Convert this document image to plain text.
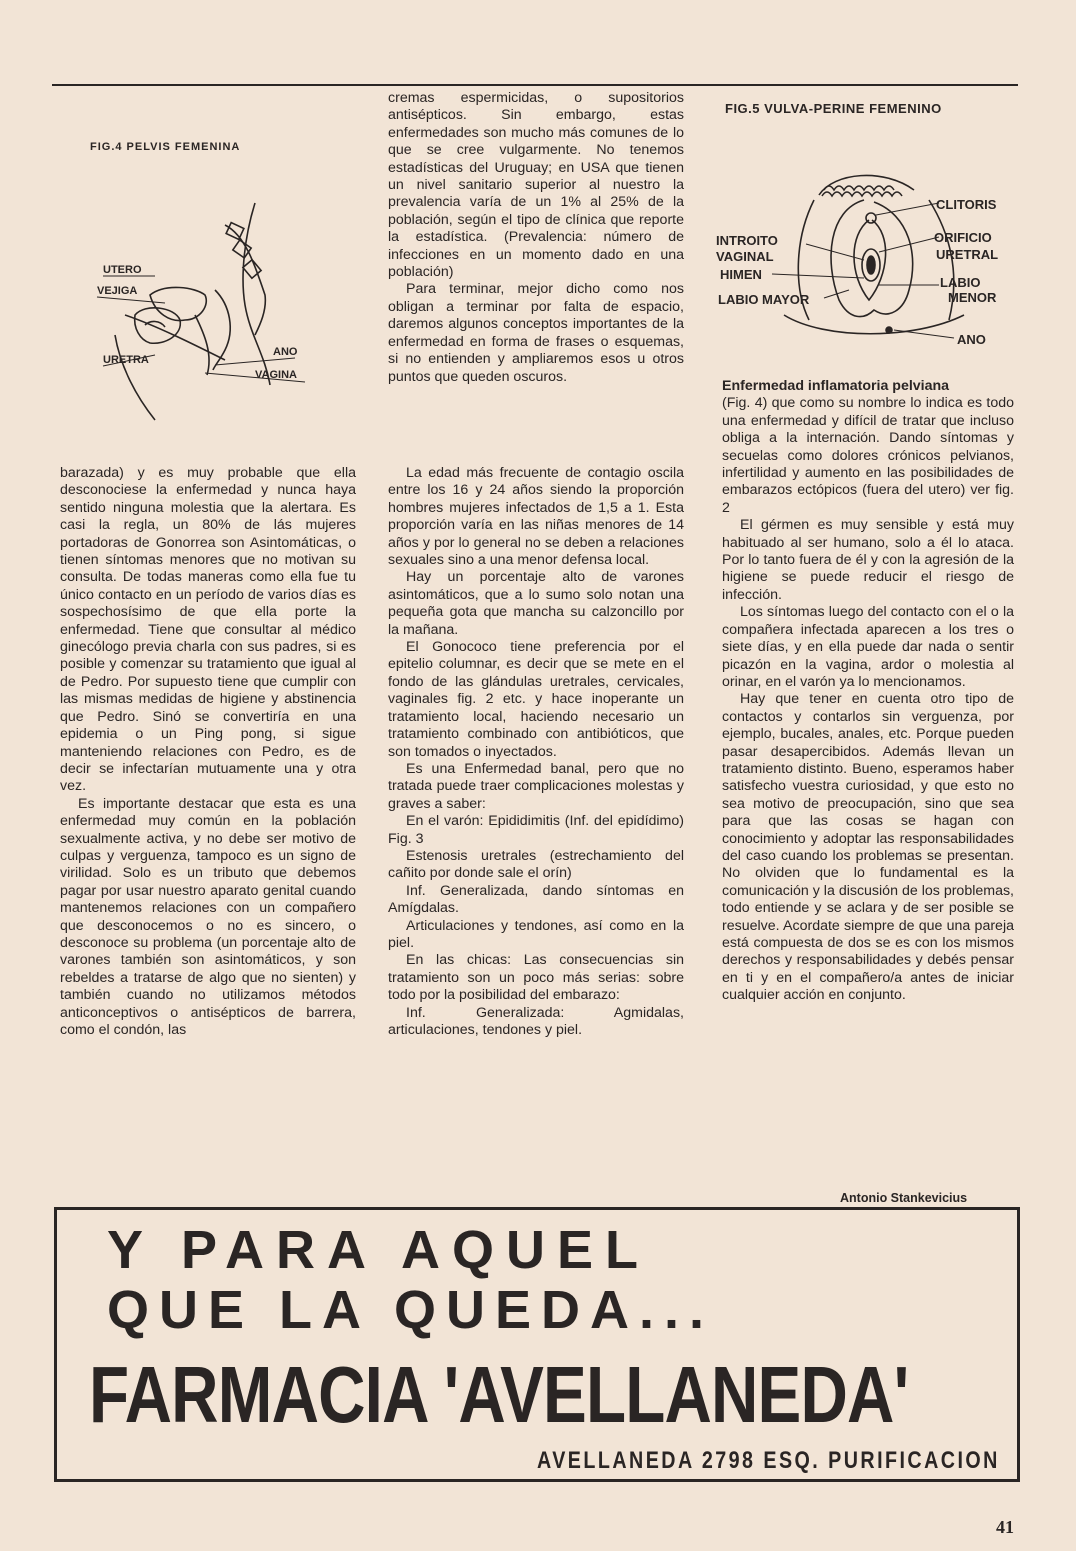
FIG.4 PELVIS FEMENINA
UTERO
VEJIGA
URETRA
ANO
VAGINA

barazada) y es muy probable que ella desconociese la enfermedad y nunca haya sentido ninguna molestia que la alertara. Es casi la regla, un 80% de lás mujeres portadoras de Gonorrea son Asintomáticas, o tienen síntomas menores que no motivan su consulta. De todas maneras como ella fue tu único contacto en un período de varios días es sospechosísimo de que ella porte la enfermedad. Tiene que consultar al médico ginecólogo previa charla con sus padres, si es posible y comenzar su tratamiento que igual al de Pedro. Por supuesto tiene que cumplir con las mismas medidas de higiene y abstinencia que Pedro. Sinó se convertiría en una epidemia o un Ping pong, si sigue manteniendo relaciones con Pedro, es de decir se infectarían mutuamente una y otra vez.

Es importante destacar que esta es una enfermedad muy común en la población sexualmente activa, y no debe ser motivo de culpas y verguenza, tampoco es un signo de virilidad. Solo es un tributo que debemos pagar por usar nuestro aparato genital cuando mantenemos relaciones con un compañero que desconocemos o no es sincero, o desconoce su problema (un porcentaje alto de varones también son asintomáticos, y son rebeldes a tratarse de algo que no sienten) y también cuando no utilizamos métodos anticonceptivos o antisépticos de barrera, como el condón, las

cremas espermicidas, o supositorios antisépticos. Sin embargo, estas enfermedades son mucho más comunes de lo que se cree vulgarmente. No tenemos estadísticas del Uruguay; en USA que tienen un nivel sanitario superior al nuestro la prevalencia varía de un 1% al 25% de la población, según el tipo de clínica que reporte la estadística. (Prevalencia: número de infecciones en un momento dado en una población)

Para terminar, mejor dicho como nos obligan a terminar por falta de espacio, daremos algunos conceptos importantes de la enfermedad en forma de frases o esquemas, si no entienden y ampliaremos esos u otros puntos que queden oscuros.

La edad más frecuente de contagio oscila entre los 16 y 24 años siendo la proporción hombres mujeres infectados de 1,5 a 1. Esta proporción varía en las niñas menores de 14 años y por lo general no se deben a relaciones sexuales sino a una menor defensa local.

Hay un porcentaje alto de varones asintomáticos, que a lo sumo solo notan una pequeña gota que mancha su calzoncillo por la mañana.

El Gonococo tiene preferencia por el epitelio columnar, es decir que se mete en el fondo de las glándulas uretrales, cervicales, vaginales fig. 2 etc. y hace inoperante un tratamiento local, haciendo necesario un tratamiento combinado con antibióticos, que son tomados o inyectados.

Es una Enfermedad banal, pero que no tratada puede traer complicaciones molestas y graves a saber:

En el varón: Epididimitis (Inf. del epidídimo) Fig. 3

Estenosis uretrales (estrechamiento del cañito por donde sale el orín)

Inf. Generalizada, dando síntomas en Amígdalas.

Articulaciones y tendones, así como en la piel.

En las chicas: Las consecuencias sin tratamiento son un poco más serias: sobre todo por la posibilidad del embarazo:

Inf. Generalizada: Agmidalas, articulaciones, tendones y piel.

FIG.5 VULVA-PERINE FEMENINO
CLITORIS
ORIFICIO
URETRAL
INTROITO
VAGINAL
HIMEN
LABIO
MENOR
LABIO MAYOR
ANO

Enfermedad inflamatoria pelviana
(Fig. 4) que como su nombre lo indica es todo una enfermedad y difícil de tratar que incluso obliga a la internación. Dando síntomas y secuelas como dolores crónicos pelvianos, infertilidad y aumento en las posibilidades de embarazos ectópicos (fuera del utero) ver fig. 2

El gérmen es muy sensible y está muy habituado al ser humano, solo a él lo ataca. Por lo tanto fuera de él y con la agresión de la higiene se puede reducir el riesgo de infección.

Los síntomas luego del contacto con el o la compañera infectada aparecen a los tres o siete días, y en ella puede dar nada o sentir picazón en la vagina, ardor o molestia al orinar, en el varón ya lo mencionamos.

Hay que tener en cuenta otro tipo de contactos y contarlos sin verguenza, por ejemplo, bucales, anales, etc. Porque pueden pasar desapercibidos. Además llevan un tratamiento distinto. Bueno, esperamos haber satisfecho vuestra curiosidad, y que esto no sea motivo de preocupación, sino que sea para que las cosas se hagan con conocimiento y adoptar las responsabilidades del caso cuando los problemas se presentan. No olviden que lo fundamental es la comunicación y la discusión de los problemas, todo entiende y se aclara y de ser posible se resuelve. Acordate siempre de que una pareja está compuesta de dos se es con los mismos derechos y responsabilidades y debés pensar en ti y en el compañero/a antes de iniciar cualquier acción en conjunto.

Antonio Stankevicius
Y PARA AQUEL
QUE LA QUEDA...
FARMACIA 'AVELLANEDA'
AVELLANEDA 2798 ESQ. PURIFICACION
41
